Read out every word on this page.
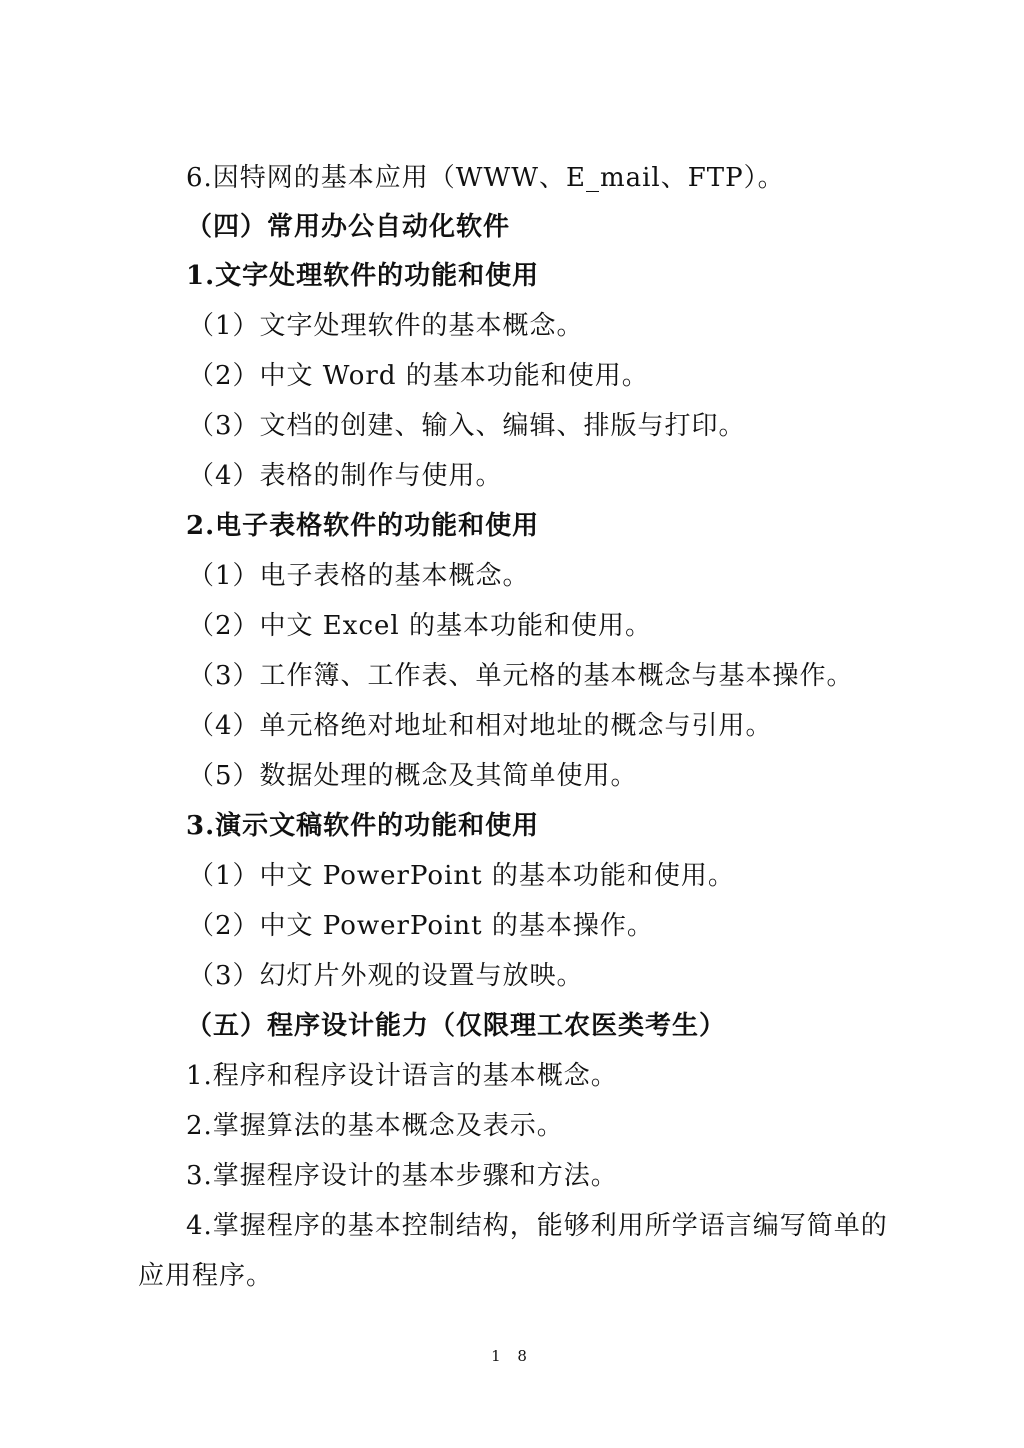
6.因特网的基本应用（WWW、E_mail、FTP）。
（四）常用办公自动化软件
1.文字处理软件的功能和使用
（1）文字处理软件的基本概念。
（2）中文 Word 的基本功能和使用。
（3）文档的创建、输入、编辑、排版与打印。
（4）表格的制作与使用。
2.电子表格软件的功能和使用
（1）电子表格的基本概念。
（2）中文 Excel 的基本功能和使用。
（3）工作簿、工作表、单元格的基本概念与基本操作。
（4）单元格绝对地址和相对地址的概念与引用。
（5）数据处理的概念及其简单使用。
3.演示文稿软件的功能和使用
（1）中文 PowerPoint 的基本功能和使用。
（2）中文 PowerPoint 的基本操作。
（3）幻灯片外观的设置与放映。
（五）程序设计能力（仅限理工农医类考生）
1.程序和程序设计语言的基本概念。
2.掌握算法的基本概念及表示。
3.掌握程序设计的基本步骤和方法。
4.掌握程序的基本控制结构，能够利用所学语言编写简单的
应用程序。
1 8
